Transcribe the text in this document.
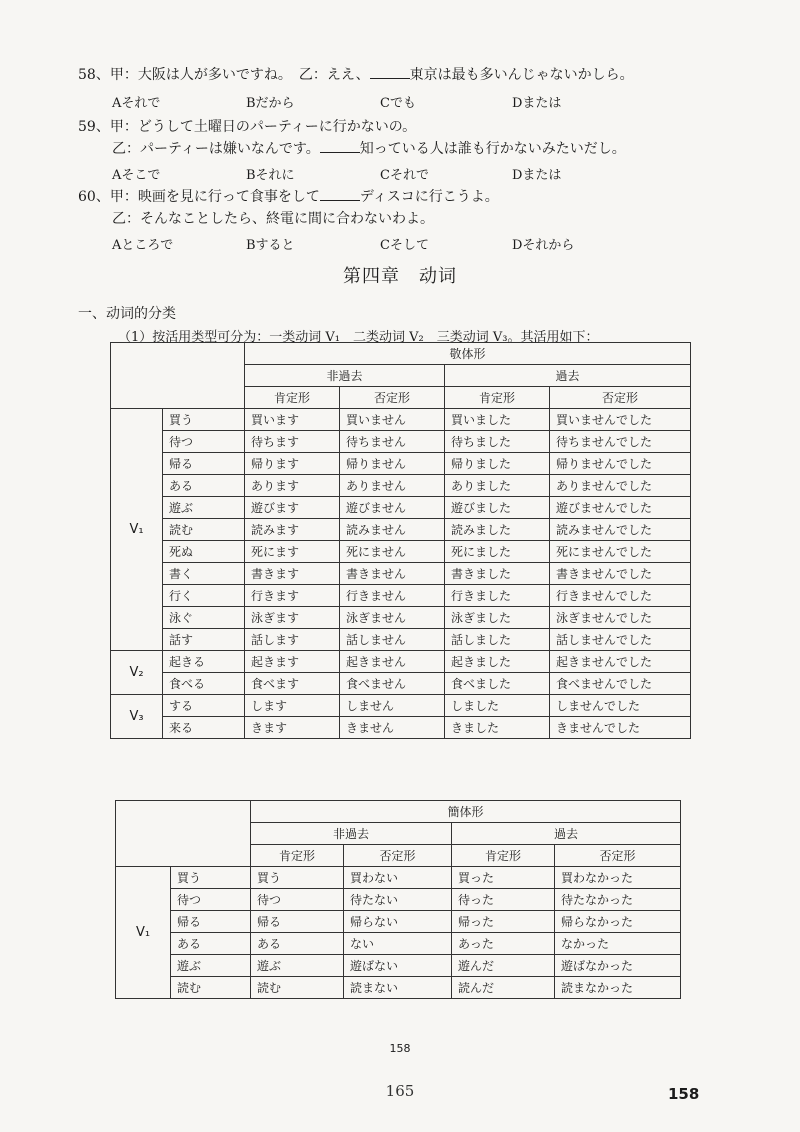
58、甲：大阪は人が多いですね。　乙：ええ、	東京は最も多いんじゃないかしら。
Aそれで	Bだから	Cでも	Dまたは
59、甲：どうして土曜日のパーティーに行かないの。
乙：パーティーは嫌いなんです。	知っている人は誰も行かないみたいだし。
Aそこで	Bそれに	Cそれで	Dまたは
60、甲：映画を見に行って食事をして	ディスコに行こうよ。
乙：そんなことしたら、終電に間に合わないわよ。
Aところで	Bすると	Cそして	Dそれから
第四章　动词
一、动词的分类
（1）按活用类型可分为：一类动词 V₁　二类动词 V₂　三类动词 V₃。其活用如下：
		敬体形			
		非過去		過去	
		肯定形	否定形	肯定形	否定形
V₁	買う	買います	買いません	買いました	買いませんでした
	待つ	待ちます	待ちません	待ちました	待ちませんでした
	帰る	帰ります	帰りません	帰りました	帰りませんでした
	ある	あります	ありません	ありました	ありませんでした
	遊ぶ	遊びます	遊びません	遊びました	遊びませんでした
	読む	読みます	読みません	読みました	読みませんでした
	死ぬ	死にます	死にません	死にました	死にませんでした
	書く	書きます	書きません	書きました	書きませんでした
	行く	行きます	行きません	行きました	行きませんでした
	泳ぐ	泳ぎます	泳ぎません	泳ぎました	泳ぎませんでした
	話す	話します	話しません	話しました	話しませんでした
V₂	起きる	起きます	起きません	起きました	起きませんでした
	食べる	食べます	食べません	食べました	食べませんでした
V₃	する	します	しません	しました	しませんでした
	来る	きます	きません	きました	きませんでした
		簡体形			
		非過去		過去	
		肯定形	否定形	肯定形	否定形
V₁	買う	買う	買わない	買った	買わなかった
	待つ	待つ	待たない	待った	待たなかった
	帰る	帰る	帰らない	帰った	帰らなかった
	ある	ある	ない	あった	なかった
	遊ぶ	遊ぶ	遊ばない	遊んだ	遊ばなかった
	読む	読む	読まない	読んだ	読まなかった
158
165	158
